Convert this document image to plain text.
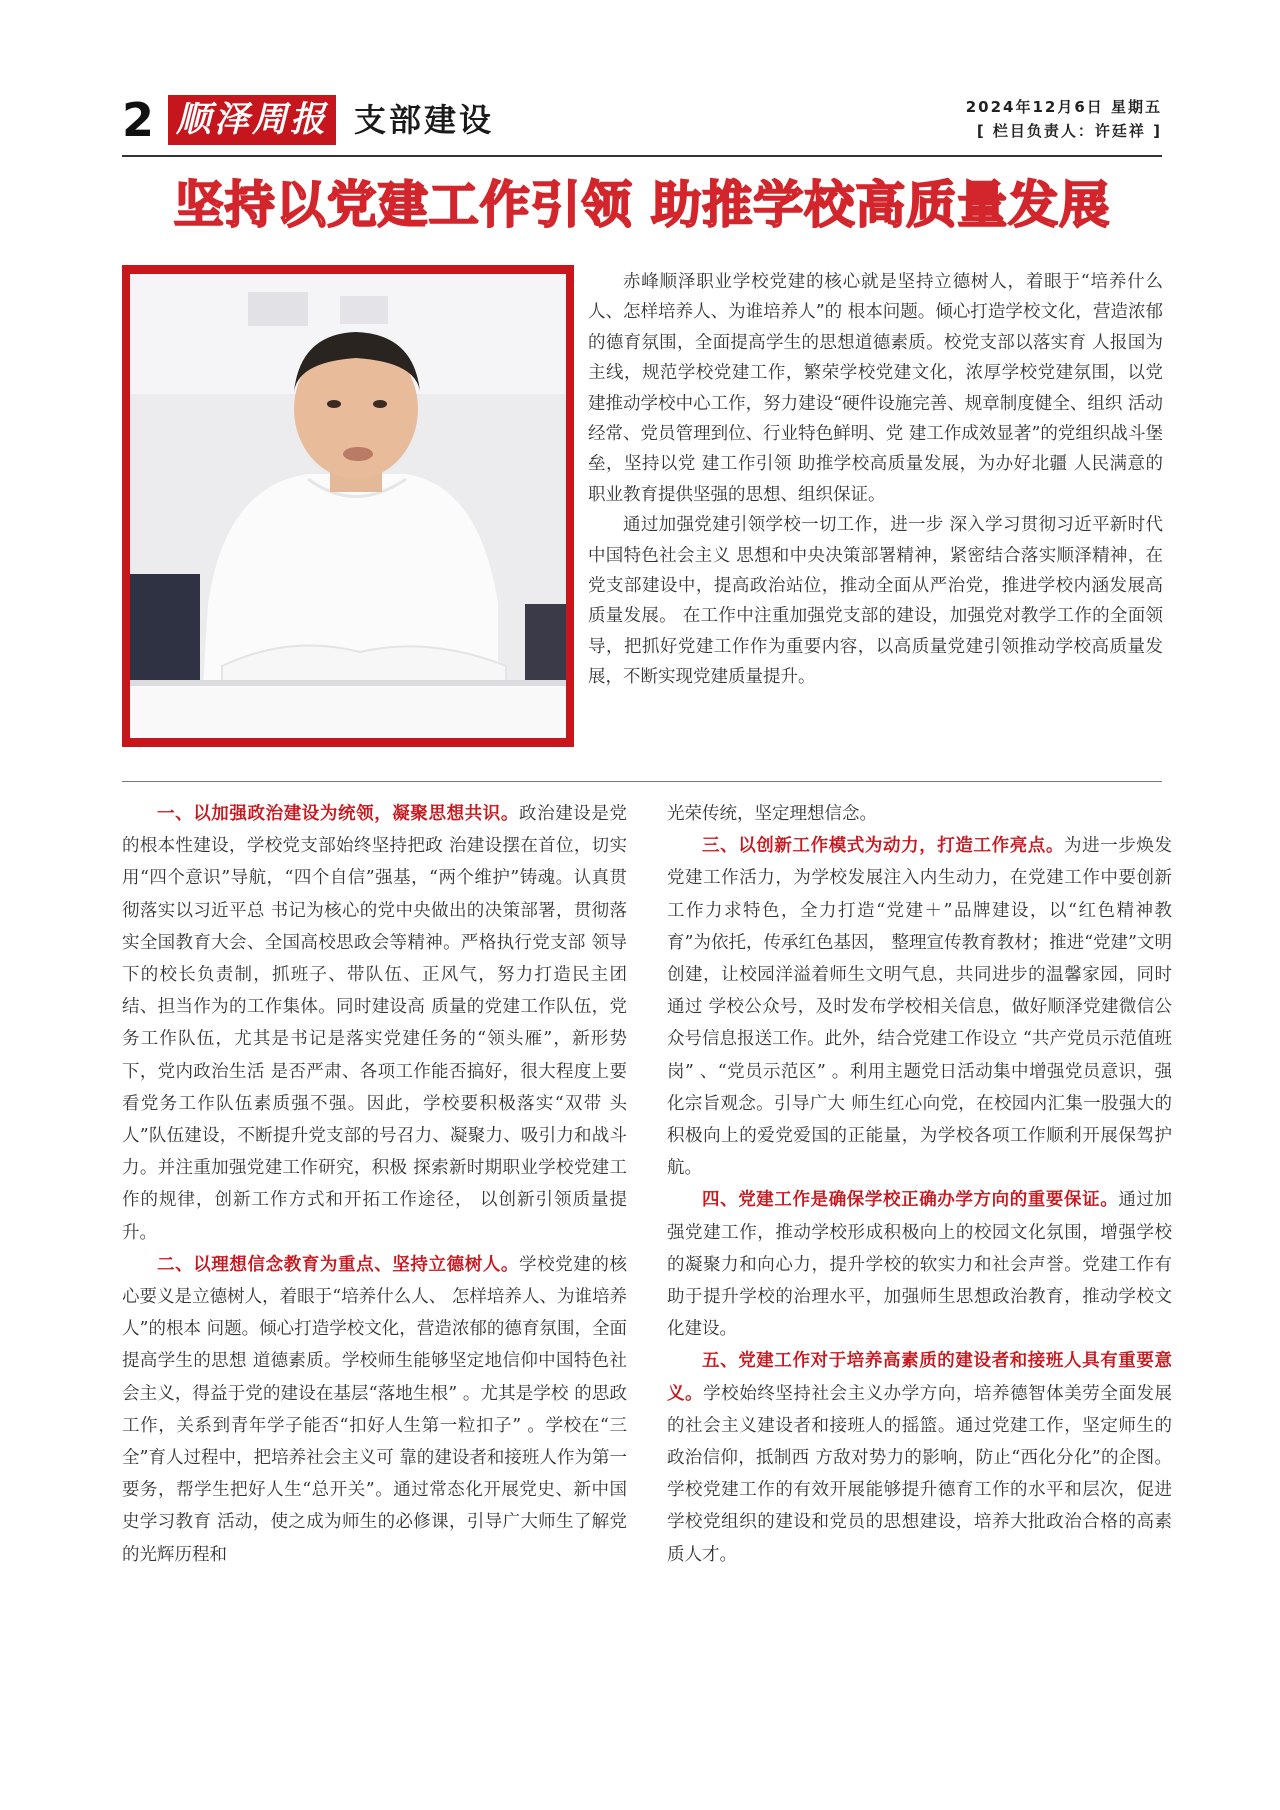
2 顺泽周报 支部建设	2024年12月6日 星期五
[ 栏目负责人：许廷祥 ]
坚持以党建工作引领 助推学校高质量发展

赤峰顺泽职业学校党建的核心就是坚持立德树人，着眼于“培养什么人、怎样培养人、为谁培养人”的 根本问题。倾心打造学校文化，营造浓郁的德育氛围，全面提高学生的思想道德素质。校党支部以落实育 人报国为主线，规范学校党建工作，繁荣学校党建文化，浓厚学校党建氛围，以党建推动学校中心工作，努力建设“硬件设施完善、规章制度健全、组织 活动经常、党员管理到位、行业特色鲜明、党 建工作成效显著”的党组织战斗堡垒，坚持以党 建工作引领 助推学校高质量发展，为办好北疆 人民满意的职业教育提供坚强的思想、组织保证。

通过加强党建引领学校一切工作，进一步 深入学习贯彻习近平新时代中国特色社会主义 思想和中央决策部署精神，紧密结合落实顺泽精神，在党支部建设中，提高政治站位，推动全面从严治党，推进学校内涵发展高质量发展。 在工作中注重加强党支部的建设，加强党对教学工作的全面领导，把抓好党建工作作为重要内容，以高质量党建引领推动学校高质量发展，不断实现党建质量提升。

一、以加强政治建设为统领，凝聚思想共识。政治建设是党的根本性建设，学校党支部始终坚持把政 治建设摆在首位，切实用“四个意识”导航，“四个自信”强基，“两个维护”铸魂。认真贯彻落实以习近平总 书记为核心的党中央做出的决策部署，贯彻落实全国教育大会、全国高校思政会等精神。严格执行党支部 领导下的校长负责制，抓班子、带队伍、正风气，努力打造民主团结、担当作为的工作集体。同时建设高 质量的党建工作队伍，党务工作队伍，尤其是书记是落实党建任务的“领头雁”，新形势下，党内政治生活 是否严肃、各项工作能否搞好，很大程度上要看党务工作队伍素质强不强。因此，学校要积极落实“双带 头人”队伍建设，不断提升党支部的号召力、凝聚力、吸引力和战斗力。并注重加强党建工作研究，积极 探索新时期职业学校党建工作的规律，创新工作方式和开拓工作途径， 以创新引领质量提升。

二、以理想信念教育为重点、坚持立德树人。学校党建的核心要义是立德树人，着眼于“培养什么人、 怎样培养人、为谁培养人”的根本 问题。倾心打造学校文化，营造浓郁的德育氛围，全面提高学生的思想 道德素质。学校师生能够坚定地信仰中国特色社会主义，得益于党的建设在基层“落地生根” 。尤其是学校 的思政工作，关系到青年学子能否“扣好人生第一粒扣子” 。学校在“三全”育人过程中，把培养社会主义可 靠的建设者和接班人作为第一要务，帮学生把好人生“总开关”。通过常态化开展党史、新中国史学习教育 活动，使之成为师生的必修课，引导广大师生了解党的光辉历程和

光荣传统，坚定理想信念。

三、以创新工作模式为动力，打造工作亮点。为进一步焕发党建工作活力，为学校发展注入内生动力，在党建工作中要创新工作力求特色，全力打造“党建＋”品牌建设，以“红色精神教育”为依托，传承红色基因， 整理宣传教育教材；推进“党建”文明创建，让校园洋溢着师生文明气息，共同进步的温馨家园，同时通过 学校公众号，及时发布学校相关信息，做好顺泽党建微信公众号信息报送工作。此外，结合党建工作设立 “共产党员示范值班岗” 、“党员示范区” 。利用主题党日活动集中增强党员意识，强化宗旨观念。引导广大 师生红心向党，在校园内汇集一股强大的积极向上的爱党爱国的正能量，为学校各项工作顺利开展保驾护航。

四、党建工作是确保学校正确办学方向的重要保证。通过加强党建工作，推动学校形成积极向上的校园文化氛围，增强学校的凝聚力和向心力，提升学校的软实力和社会声誉。党建工作有助于提升学校的治理水平，加强师生思想政治教育，推动学校文化建设。

五、党建工作对于培养高素质的建设者和接班人具有重要意义。学校始终坚持社会主义办学方向，培养德智体美劳全面发展的社会主义建设者和接班人的摇篮。通过党建工作，坚定师生的政治信仰，抵制西 方敌对势力的影响，防止“西化分化”的企图。学校党建工作的有效开展能够提升德育工作的水平和层次，促进学校党组织的建设和党员的思想建设，培养大批政治合格的高素质人才。
